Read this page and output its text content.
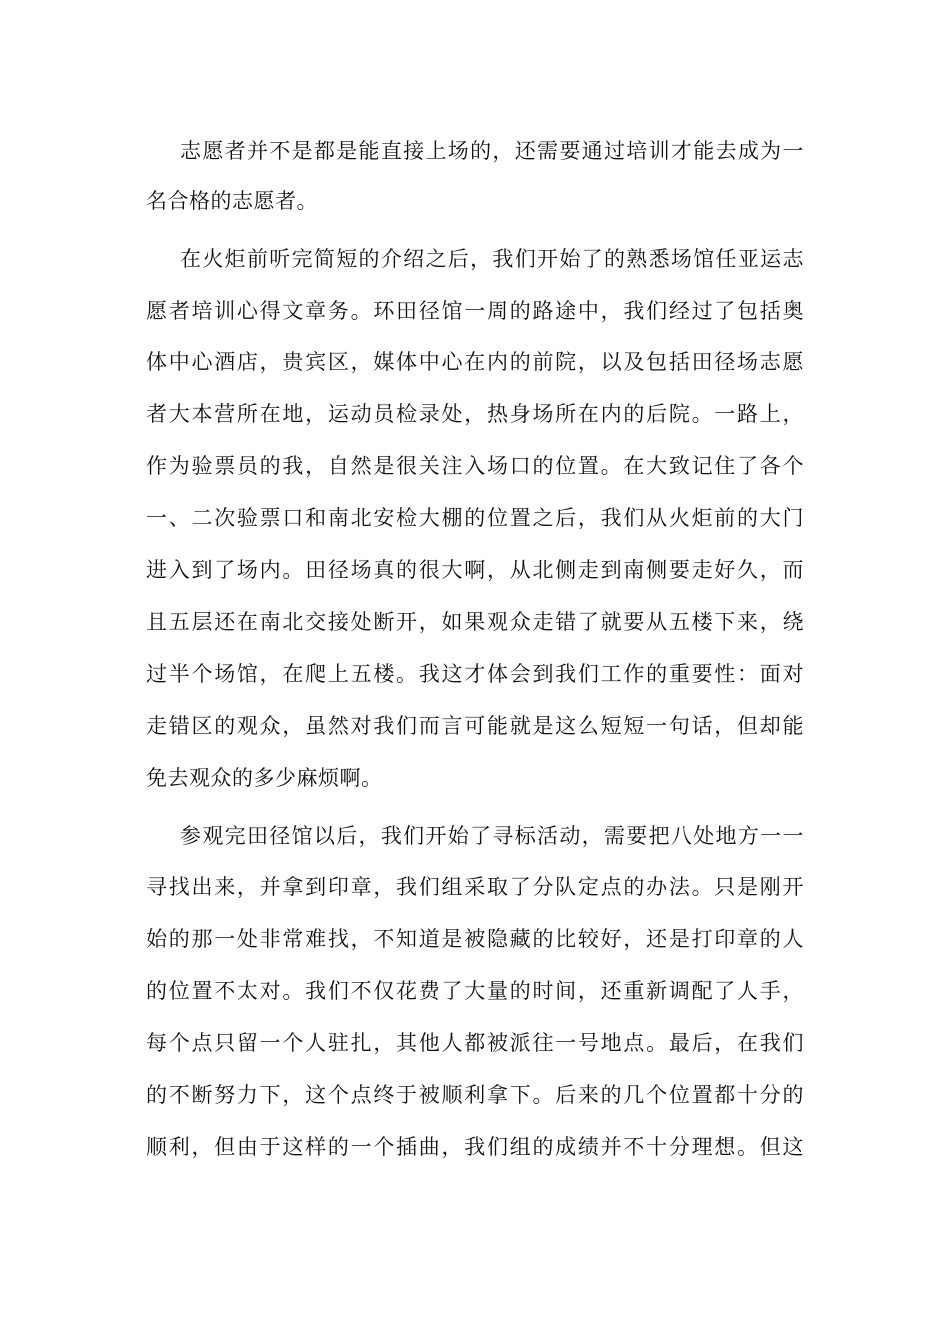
志愿者并不是都是能直接上场的，还需要通过培训才能去成为一
名合格的志愿者。
在火炬前听完简短的介绍之后，我们开始了的熟悉场馆任亚运志
愿者培训心得文章务。环田径馆一周的路途中，我们经过了包括奥
体中心酒店，贵宾区，媒体中心在内的前院，以及包括田径场志愿
者大本营所在地，运动员检录处，热身场所在内的后院。一路上，
作为验票员的我，自然是很关注入场口的位置。在大致记住了各个
一、二次验票口和南北安检大棚的位置之后，我们从火炬前的大门
进入到了场内。田径场真的很大啊，从北侧走到南侧要走好久，而
且五层还在南北交接处断开，如果观众走错了就要从五楼下来，绕
过半个场馆，在爬上五楼。我这才体会到我们工作的重要性：面对
走错区的观众，虽然对我们而言可能就是这么短短一句话，但却能
免去观众的多少麻烦啊。
参观完田径馆以后，我们开始了寻标活动，需要把八处地方一一
寻找出来，并拿到印章，我们组采取了分队定点的办法。只是刚开
始的那一处非常难找，不知道是被隐藏的比较好，还是打印章的人
的位置不太对。我们不仅花费了大量的时间，还重新调配了人手，
每个点只留一个人驻扎，其他人都被派往一号地点。最后，在我们
的不断努力下，这个点终于被顺利拿下。后来的几个位置都十分的
顺利，但由于这样的一个插曲，我们组的成绩并不十分理想。但这
